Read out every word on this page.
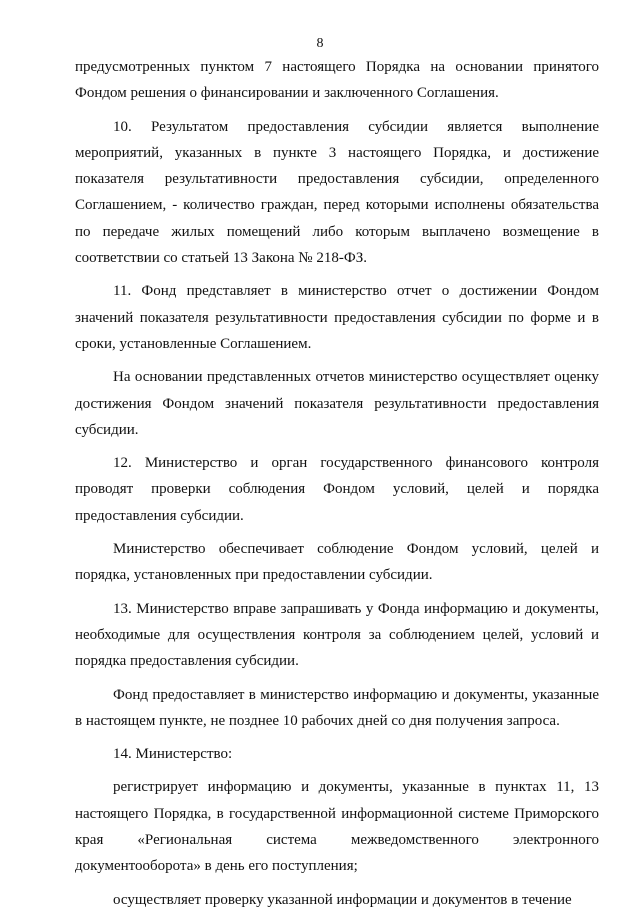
8

предусмотренных пунктом 7 настоящего Порядка на основании принятого Фондом решения о финансировании и заключенного Соглашения.

10. Результатом предоставления субсидии является выполнение мероприятий, указанных в пункте 3 настоящего Порядка, и достижение показателя результативности предоставления субсидии, определенного Соглашением, - количество граждан, перед которыми исполнены обязательства по передаче жилых помещений либо которым выплачено возмещение в соответствии со статьей 13 Закона № 218-ФЗ.

11. Фонд представляет в министерство отчет о достижении Фондом значений показателя результативности предоставления субсидии по форме и в сроки, установленные Соглашением.

На основании представленных отчетов министерство осуществляет оценку достижения Фондом значений показателя результативности предоставления субсидии.

12. Министерство и орган государственного финансового контроля проводят проверки соблюдения Фондом условий, целей и порядка предоставления субсидии.

Министерство обеспечивает соблюдение Фондом условий, целей и порядка, установленных при предоставлении субсидии.

13. Министерство вправе запрашивать у Фонда информацию и документы, необходимые для осуществления контроля за соблюдением целей, условий и порядка предоставления субсидии.

Фонд предоставляет в министерство информацию и документы, указанные в настоящем пункте, не позднее 10 рабочих дней со дня получения запроса.

14. Министерство:

регистрирует информацию и документы, указанные в пунктах 11, 13 настоящего Порядка, в государственной информационной системе Приморского края «Региональная система межведомственного электронного документооборота» в день его поступления;

осуществляет проверку указанной информации и документов в течение
